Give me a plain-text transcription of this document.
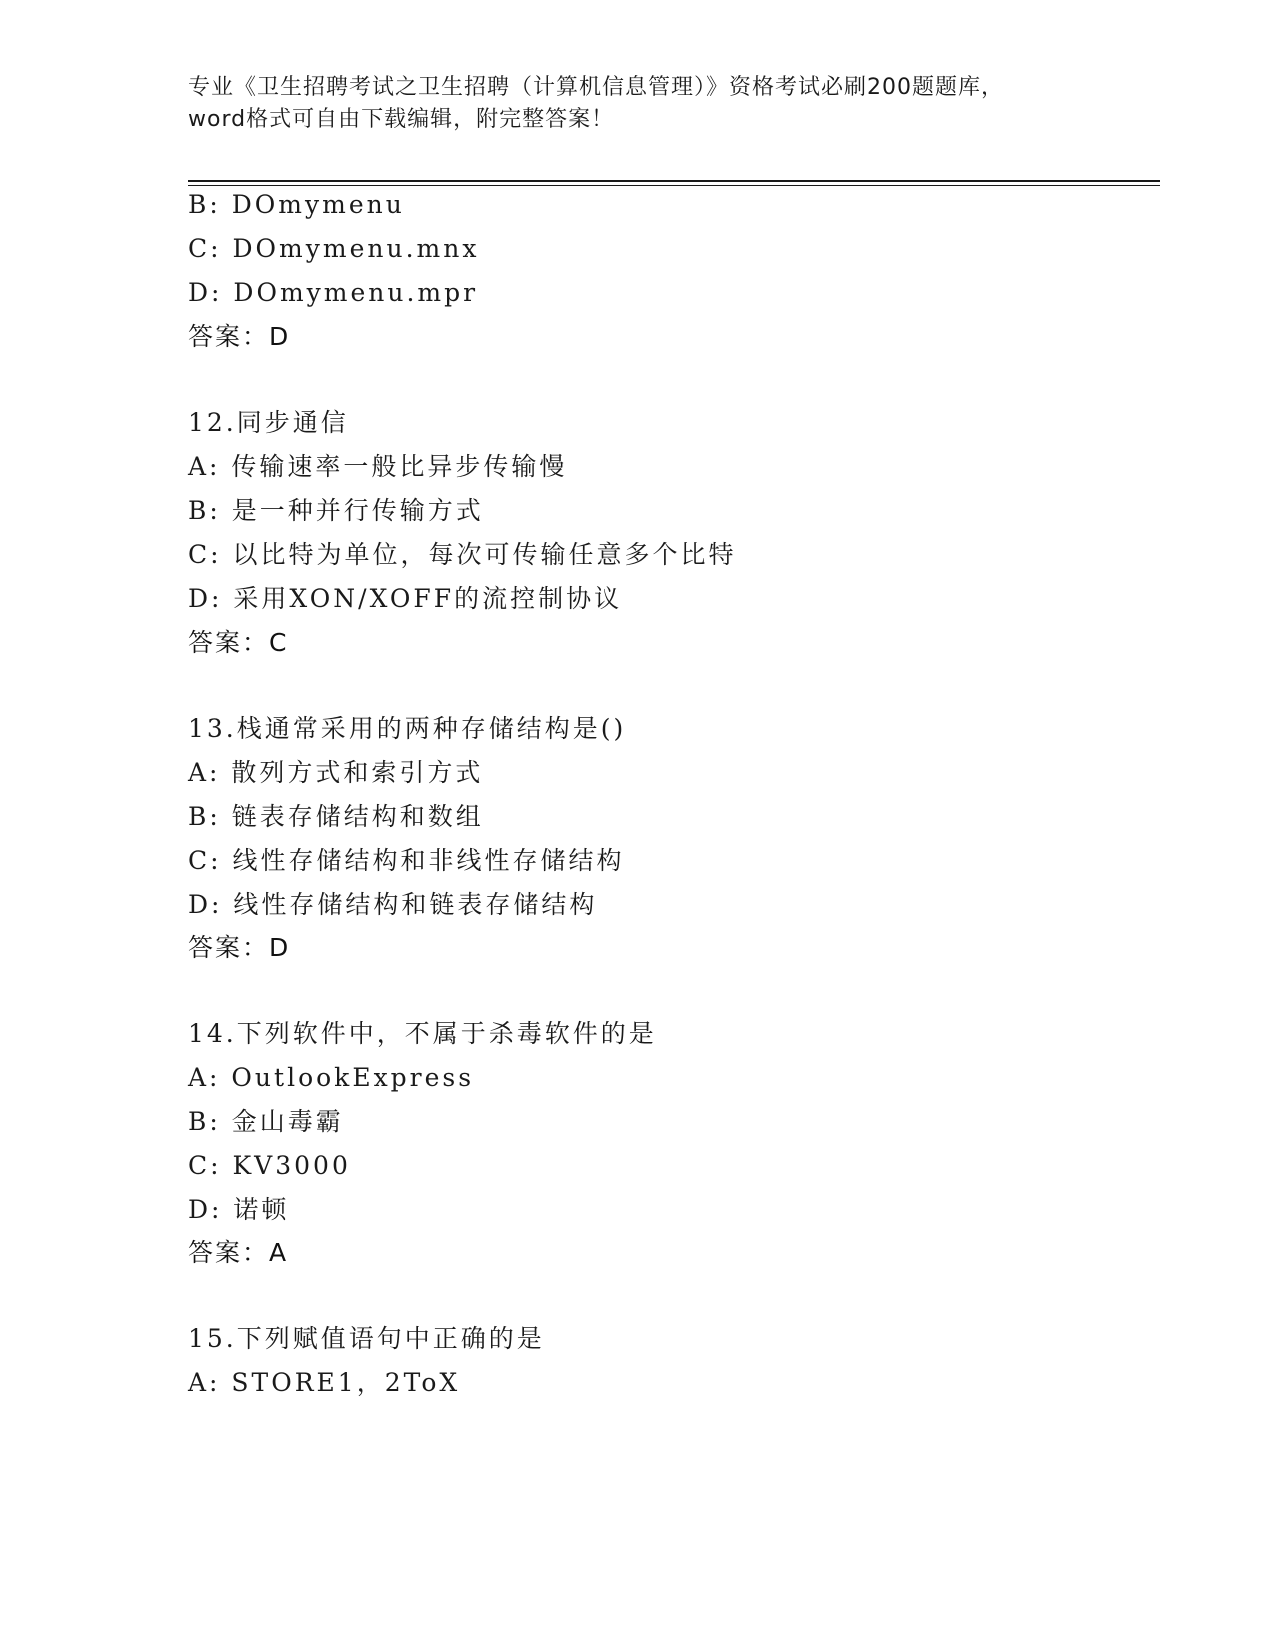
专业《卫生招聘考试之卫生招聘（计算机信息管理）》资格考试必刷200题题库，
word格式可自由下载编辑，附完整答案！
B: DOmymenu
C: DOmymenu.mnx
D: DOmymenu.mpr
答案：D
12.同步通信
A: 传输速率一般比异步传输慢
B: 是一种并行传输方式
C: 以比特为单位，每次可传输任意多个比特
D: 采用XON/XOFF的流控制协议
答案：C
13.栈通常采用的两种存储结构是()
A: 散列方式和索引方式
B: 链表存储结构和数组
C: 线性存储结构和非线性存储结构
D: 线性存储结构和链表存储结构
答案：D
14.下列软件中，不属于杀毒软件的是
A: OutlookExpress
B: 金山毒霸
C: KV3000
D: 诺顿
答案：A
15.下列赋值语句中正确的是
A: STORE1，2ToX
